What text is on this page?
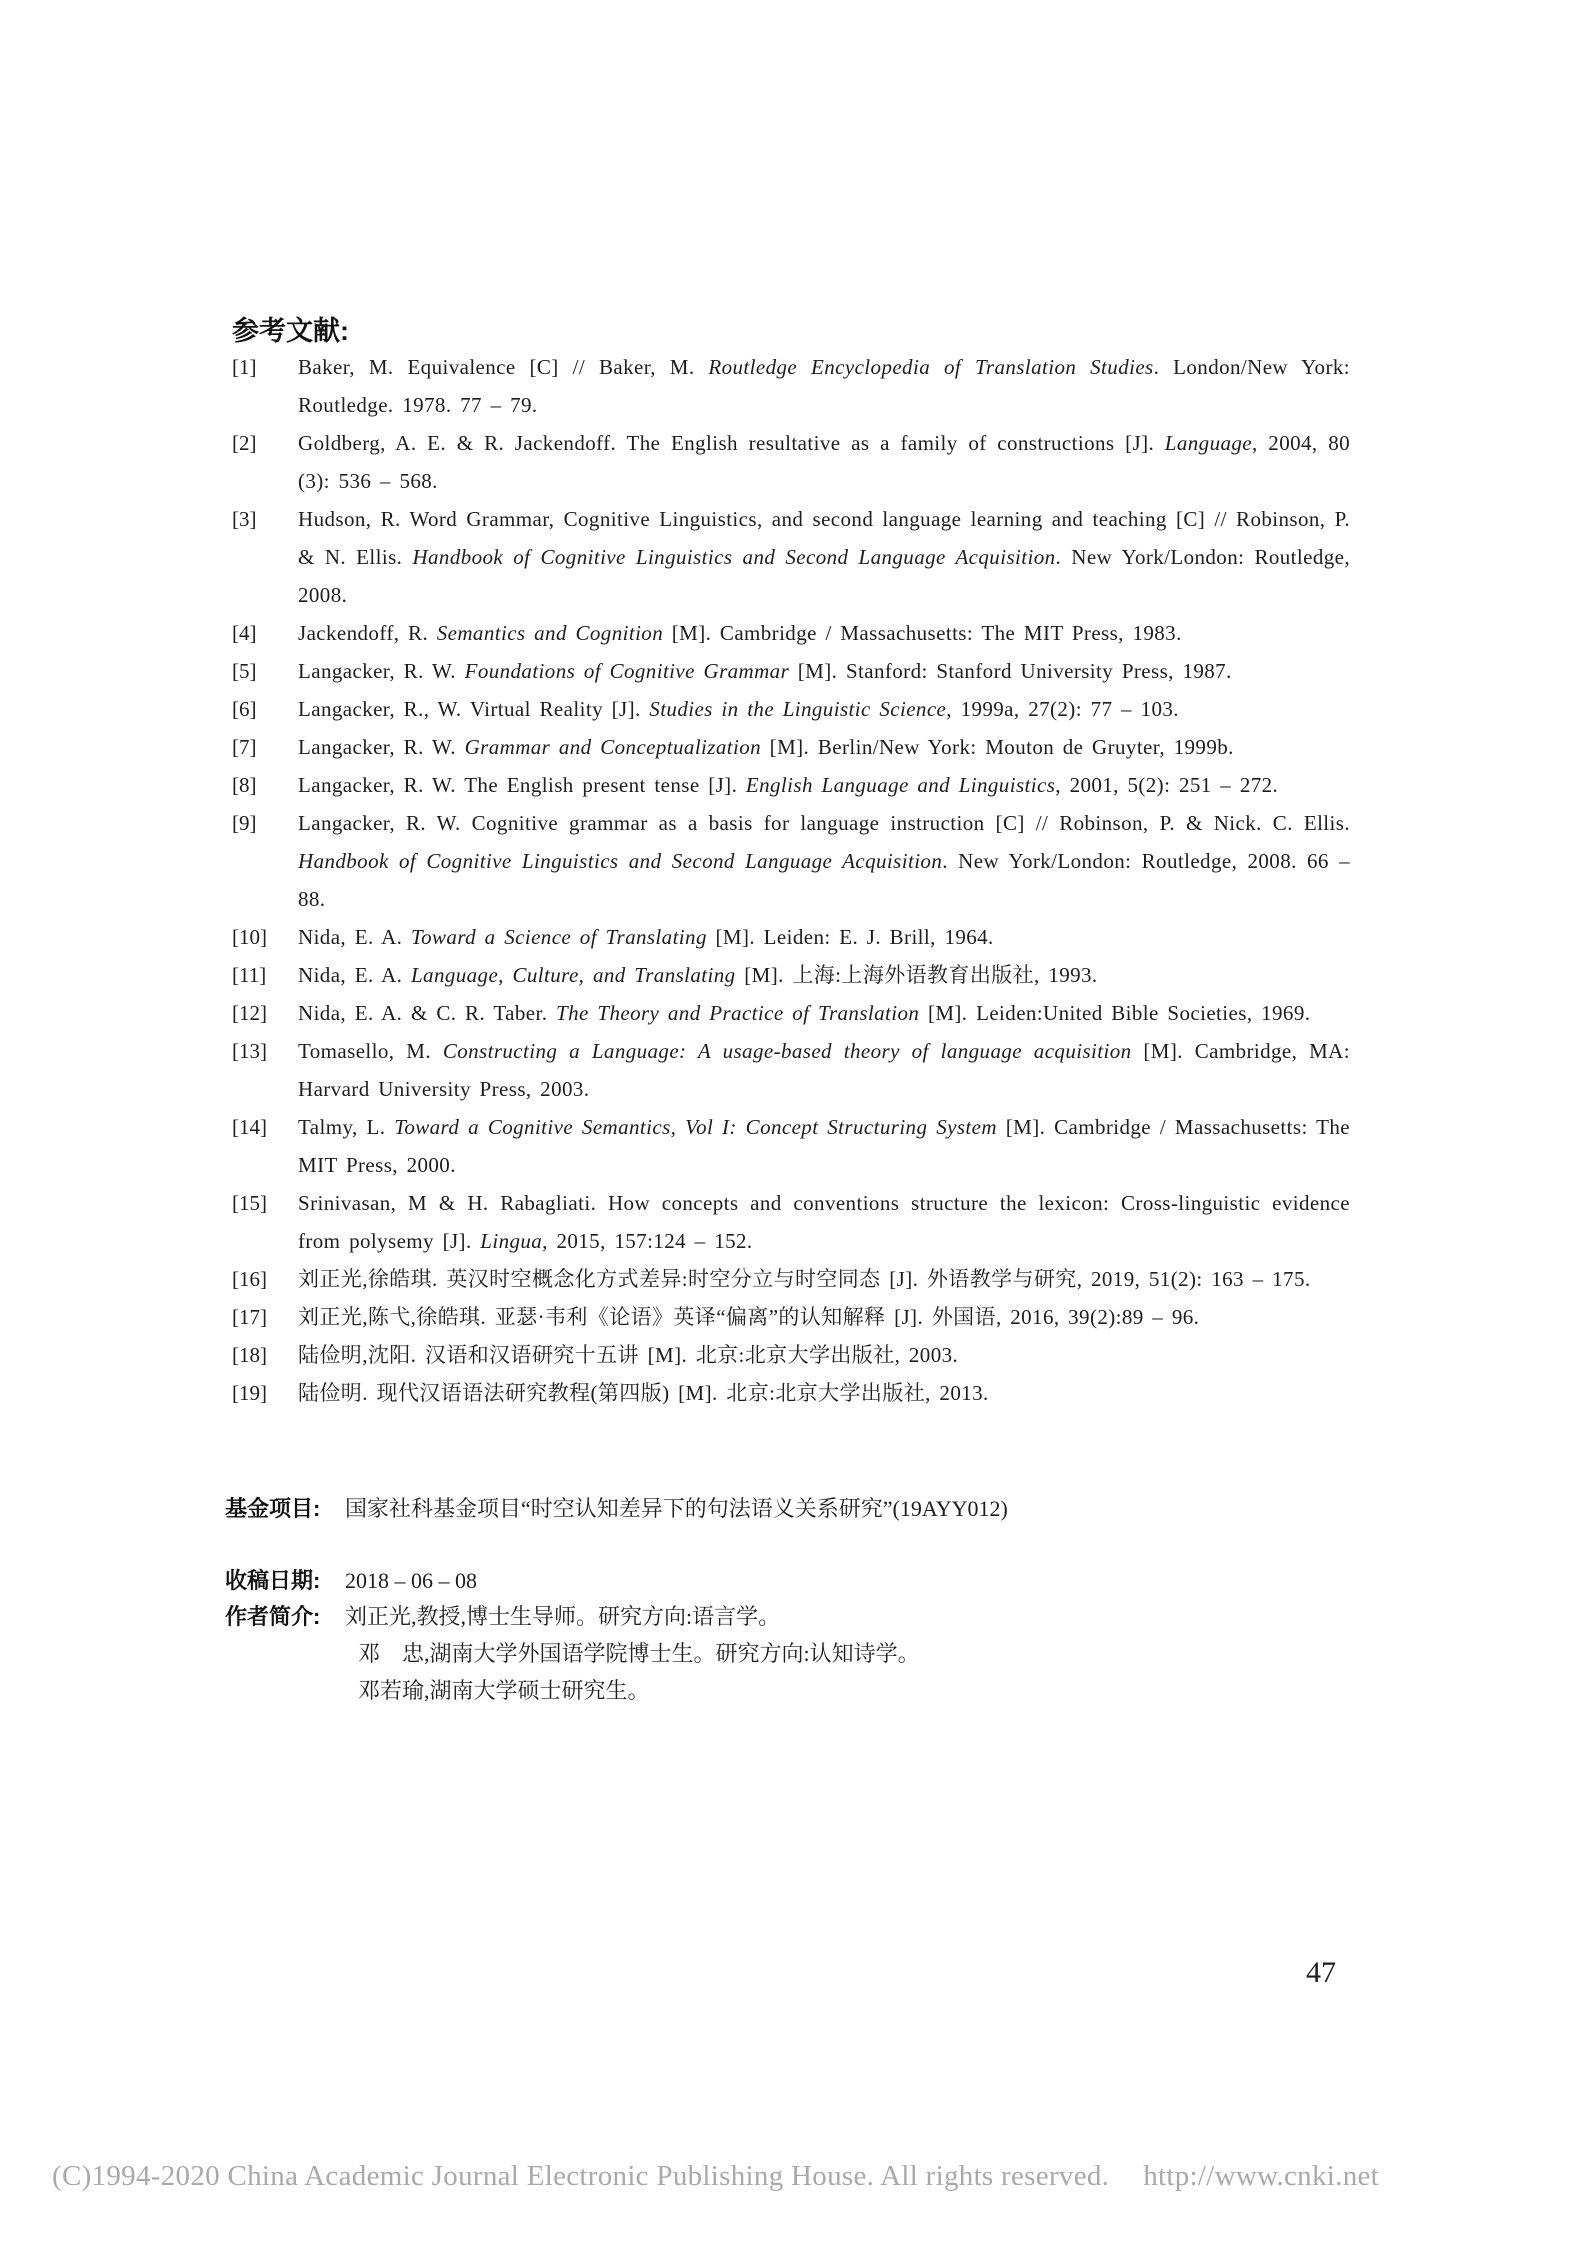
参考文献:
[1] Baker, M. Equivalence [C] // Baker, M. Routledge Encyclopedia of Translation Studies. London/New York: Routledge. 1978. 77 – 79.
[2] Goldberg, A. E. & R. Jackendoff. The English resultative as a family of constructions [J]. Language, 2004, 80 (3): 536 – 568.
[3] Hudson, R. Word Grammar, Cognitive Linguistics, and second language learning and teaching [C] // Robinson, P. & N. Ellis. Handbook of Cognitive Linguistics and Second Language Acquisition. New York/London: Routledge, 2008.
[4] Jackendoff, R. Semantics and Cognition [M]. Cambridge / Massachusetts: The MIT Press, 1983.
[5] Langacker, R. W. Foundations of Cognitive Grammar [M]. Stanford: Stanford University Press, 1987.
[6] Langacker, R., W. Virtual Reality [J]. Studies in the Linguistic Science, 1999a, 27(2): 77 – 103.
[7] Langacker, R. W. Grammar and Conceptualization [M]. Berlin/New York: Mouton de Gruyter, 1999b.
[8] Langacker, R. W. The English present tense [J]. English Language and Linguistics, 2001, 5(2): 251 – 272.
[9] Langacker, R. W. Cognitive grammar as a basis for language instruction [C] // Robinson, P. & Nick. C. Ellis. Handbook of Cognitive Linguistics and Second Language Acquisition. New York/London: Routledge, 2008. 66 – 88.
[10] Nida, E. A. Toward a Science of Translating [M]. Leiden: E. J. Brill, 1964.
[11] Nida, E. A. Language, Culture, and Translating [M]. 上海:上海外语教育出版社, 1993.
[12] Nida, E. A. & C. R. Taber. The Theory and Practice of Translation [M]. Leiden:United Bible Societies, 1969.
[13] Tomasello, M. Constructing a Language: A usage-based theory of language acquisition [M]. Cambridge, MA: Harvard University Press, 2003.
[14] Talmy, L. Toward a Cognitive Semantics, Vol I: Concept Structuring System [M]. Cambridge / Massachusetts: The MIT Press, 2000.
[15] Srinivasan, M & H. Rabagliati. How concepts and conventions structure the lexicon: Cross-linguistic evidence from polysemy [J]. Lingua, 2015, 157:124 – 152.
[16] 刘正光,徐皓琪. 英汉时空概念化方式差异:时空分立与时空同态 [J]. 外语教学与研究, 2019, 51(2): 163 – 175.
[17] 刘正光,陈弋,徐皓琪. 亚瑟·韦利《论语》英译“偏离”的认知解释 [J]. 外国语, 2016, 39(2):89 – 96.
[18] 陆俭明,沈阳. 汉语和汉语研究十五讲 [M]. 北京:北京大学出版社, 2003.
[19] 陆俭明. 现代汉语语法研究教程(第四版) [M]. 北京:北京大学出版社, 2013.
基金项目: 国家社科基金项目“时空认知差异下的句法语义关系研究”(19AYY012)
收稿日期: 2018 – 06 – 08
作者简介: 刘正光,教授,博士生导师。研究方向:语言学。
邓　忠,湖南大学外国语学院博士生。研究方向:认知诗学。
邓若瑜,湖南大学硕士研究生。
47
(C)1994-2020 China Academic Journal Electronic Publishing House. All rights reserved. http://www.cnki.net
